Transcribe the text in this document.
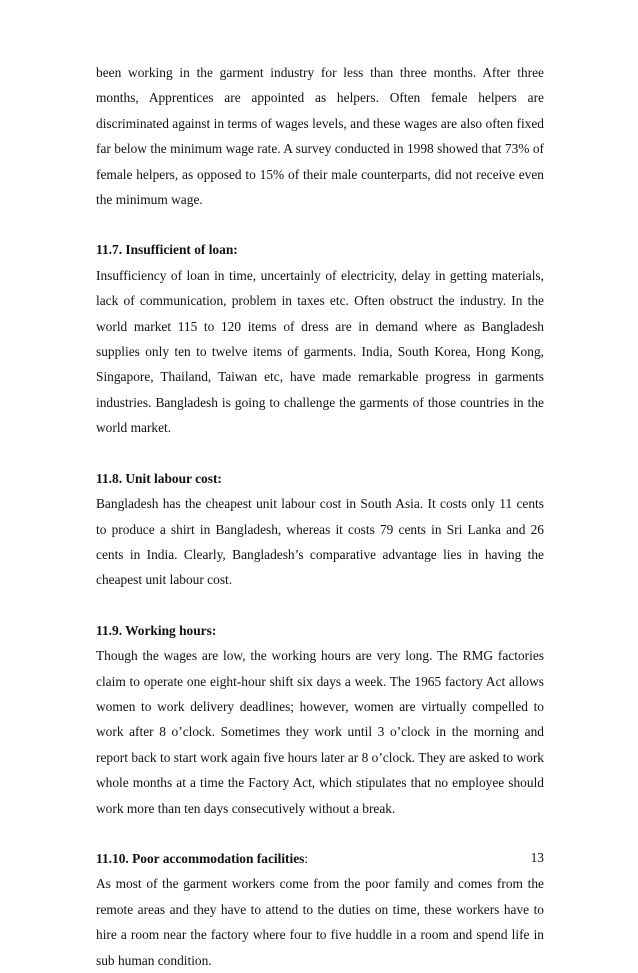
been working in the garment industry for less than three months. After three months, Apprentices are appointed as helpers. Often female helpers are discriminated against in terms of wages levels, and these wages are also often fixed far below the minimum wage rate. A survey conducted in 1998 showed that 73% of female helpers, as opposed to 15% of their male counterparts, did not receive even the minimum wage.

11.7. Insufficient of loan:

Insufficiency of loan in time, uncertainly of electricity, delay in getting materials, lack of communication, problem in taxes etc. Often obstruct the industry. In the world market 115 to 120 items of dress are in demand where as Bangladesh supplies only ten to twelve items of garments. India, South Korea, Hong Kong, Singapore, Thailand, Taiwan etc, have made remarkable progress in garments industries. Bangladesh is going to challenge the garments of those countries in the world market.

11.8. Unit labour cost:

Bangladesh has the cheapest unit labour cost in South Asia. It costs only 11 cents to produce a shirt in Bangladesh, whereas it costs 79 cents in Sri Lanka and 26 cents in India. Clearly, Bangladesh’s comparative advantage lies in having the cheapest unit labour cost.

11.9. Working hours:

Though the wages are low, the working hours are very long. The RMG factories claim to operate one eight-hour shift six days a week. The 1965 factory Act allows women to work delivery deadlines; however, women are virtually compelled to work after 8 o’clock. Sometimes they work until 3 o’clock in the morning and report back to start work again five hours later ar 8 o’clock. They are asked to work whole months at a time the Factory Act, which stipulates that no employee should work more than ten days consecutively without a break.

11.10. Poor accommodation facilities:

As most of the garment workers come from the poor family and comes from the remote areas and they have to attend to the duties on time, these workers have to hire a room near the factory where four to five huddle in a room and spend life in sub human condition.

13
